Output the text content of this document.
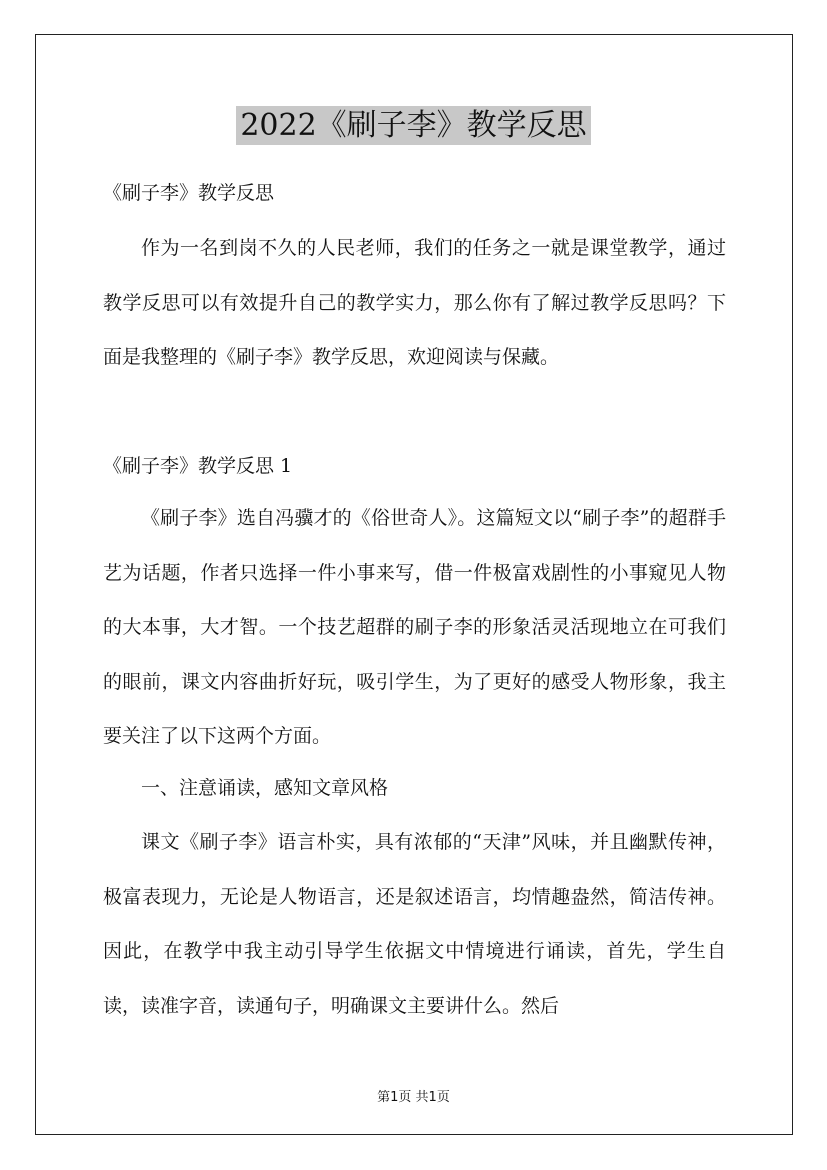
2022《刷子李》教学反思
《刷子李》教学反思
作为一名到岗不久的人民老师，我们的任务之一就是课堂教学，通过教学反思可以有效提升自己的教学实力，那么你有了解过教学反思吗？下面是我整理的《刷子李》教学反思，欢迎阅读与保藏。
《刷子李》教学反思 1
《刷子李》选自冯骥才的《俗世奇人》。这篇短文以“刷子李”的超群手艺为话题，作者只选择一件小事来写，借一件极富戏剧性的小事窥见人物的大本事，大才智。一个技艺超群的刷子李的形象活灵活现地立在可我们的眼前，课文内容曲折好玩，吸引学生，为了更好的感受人物形象，我主要关注了以下这两个方面。
一、注意诵读，感知文章风格
课文《刷子李》语言朴实，具有浓郁的“天津”风味，并且幽默传神，极富表现力，无论是人物语言，还是叙述语言，均情趣盎然，简洁传神。因此，在教学中我主动引导学生依据文中情境进行诵读，首先，学生自读，读准字音，读通句子，明确课文主要讲什么。然后
第1页 共1页
